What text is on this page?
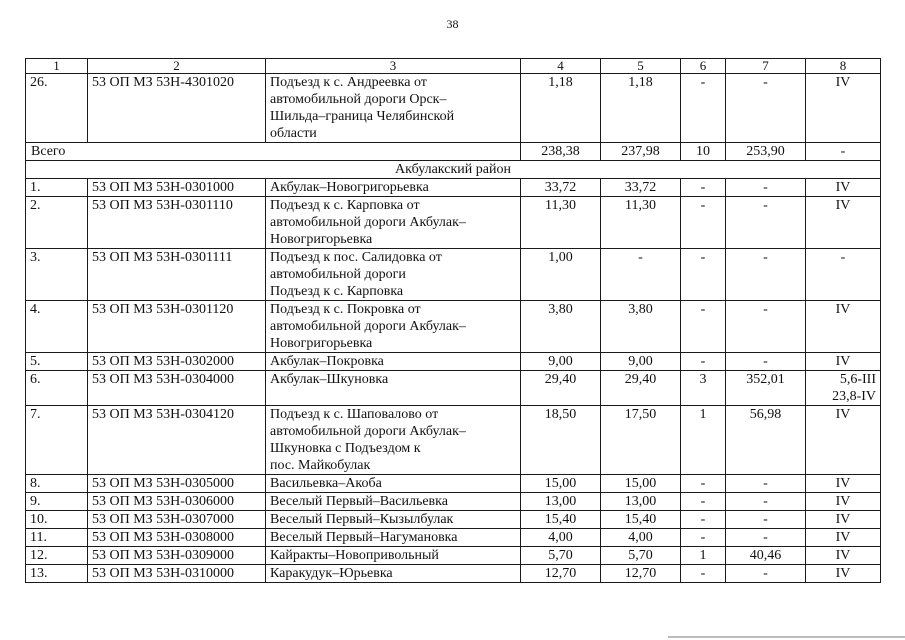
38
1	2	3	4	5	6	7	8
26.	53 ОП МЗ 53Н-4301020	Подъезд к с. Андреевка от
автомобильной дороги Орск–
Шильда–граница Челябинской
области	1,18	1,18	-	-	IV

Всего			238,38	237,98	10	253,90	-
Акбулакский район							
1.	53 ОП МЗ 53Н-0301000	Акбулак–Новогригорьевка	33,72	33,72	-	-	IV

2.	53 ОП МЗ 53Н-0301110	Подъезд к с. Карповка от
автомобильной дороги Акбулак–
Новогригорьевка	11,30	11,30	-	-	IV

3.	53 ОП МЗ 53Н-0301111	Подъезд к пос. Салидовка от
автомобильной дороги
Подъезд к с. Карповка	1,00	-	-	-	-

4.	53 ОП МЗ 53Н-0301120	Подъезд к с. Покровка от
автомобильной дороги Акбулак–
Новогригорьевка	3,80	3,80	-	-	IV

5.	53 ОП МЗ 53Н-0302000	Акбулак–Покровка	9,00	9,00	-	-	IV

6.	53 ОП МЗ 53Н-0304000	Акбулак–Шкуновка	29,40	29,40	3	352,01	5,6-III
23,8-IV

7.	53 ОП МЗ 53Н-0304120	Подъезд к с. Шаповалово от
автомобильной дороги Акбулак–
Шкуновка с Подъездом к
пос. Майкобулак	18,50	17,50	1	56,98	IV

8.	53 ОП МЗ 53Н-0305000	Васильевка–Акоба	15,00	15,00	-	-	IV

9.	53 ОП МЗ 53Н-0306000	Веселый Первый–Васильевка	13,00	13,00	-	-	IV

10.	53 ОП МЗ 53Н-0307000	Веселый Первый–Кызылбулак	15,40	15,40	-	-	IV

11.	53 ОП МЗ 53Н-0308000	Веселый Первый–Нагумановка	4,00	4,00	-	-	IV

12.	53 ОП МЗ 53Н-0309000	Кайракты–Новопривольный	5,70	5,70	1	40,46	IV

13.	53 ОП МЗ 53Н-0310000	Каракудук–Юрьевка	12,70	12,70	-	-	IV
